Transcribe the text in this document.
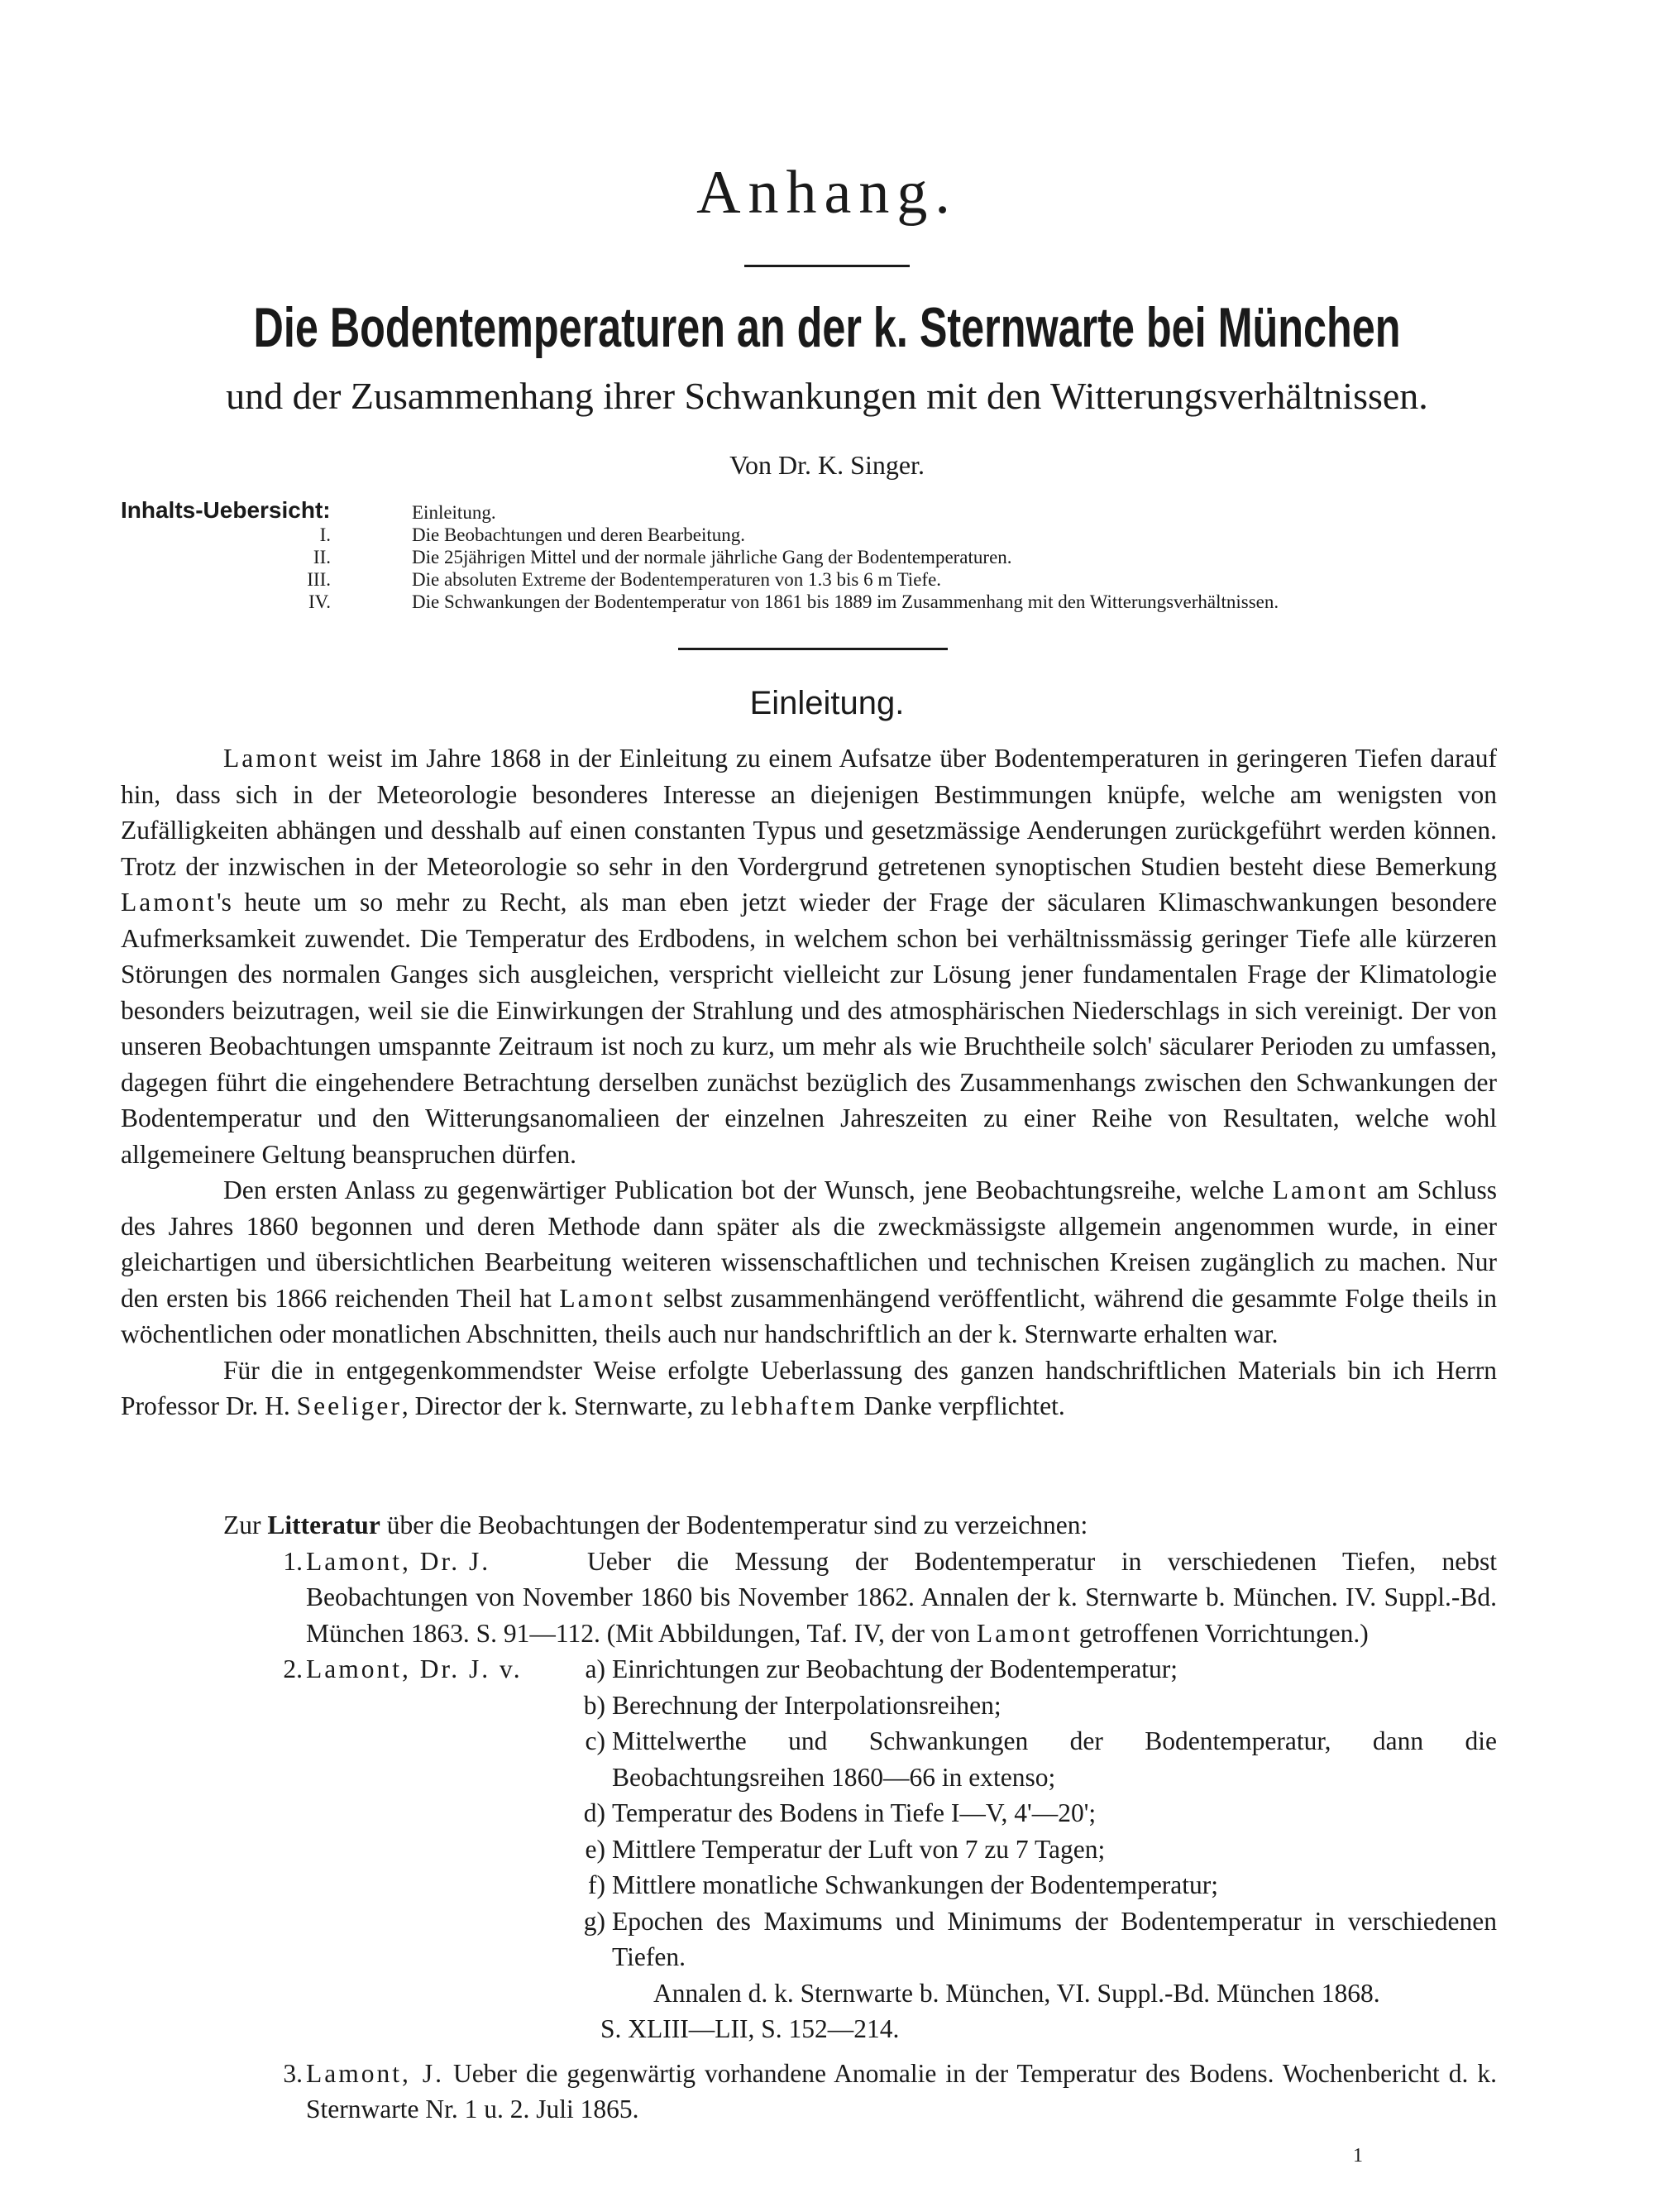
Anhang.
Die Bodentemperaturen an der k. Sternwarte bei München
und der Zusammenhang ihrer Schwankungen mit den Witterungsverhältnissen.
Von Dr. K. Singer.
Inhalts-Uebersicht:	Einleitung.
I.	Die Beobachtungen und deren Bearbeitung.
II.	Die 25jährigen Mittel und der normale jährliche Gang der Bodentemperaturen.
III.	Die absoluten Extreme der Bodentemperaturen von 1.3 bis 6 m Tiefe.
IV.	Die Schwankungen der Bodentemperatur von 1861 bis 1889 im Zusammenhang mit den Witterungsverhältnissen.
Einleitung.

Lamont weist im Jahre 1868 in der Einleitung zu einem Aufsatze über Bodentemperaturen in geringeren Tiefen darauf hin, dass sich in der Meteorologie besonderes Interesse an diejenigen Bestimmungen knüpfe, welche am wenigsten von Zufälligkeiten abhängen und desshalb auf einen constanten Typus und gesetzmässige Aenderungen zurückgeführt werden können. Trotz der inzwischen in der Meteorologie so sehr in den Vordergrund getretenen synoptischen Studien besteht diese Bemerkung Lamont's heute um so mehr zu Recht, als man eben jetzt wieder der Frage der säcularen Klimaschwankungen besondere Aufmerksamkeit zuwendet. Die Temperatur des Erdbodens, in welchem schon bei verhältnissmässig geringer Tiefe alle kürzeren Störungen des normalen Ganges sich ausgleichen, verspricht vielleicht zur Lösung jener fundamentalen Frage der Klimatologie besonders beizutragen, weil sie die Einwirkungen der Strahlung und des atmosphärischen Niederschlags in sich vereinigt. Der von unseren Beobachtungen umspannte Zeitraum ist noch zu kurz, um mehr als wie Bruchtheile solch' säcularer Perioden zu umfassen, dagegen führt die eingehendere Betrachtung derselben zunächst bezüglich des Zusammenhangs zwischen den Schwankungen der Bodentemperatur und den Witterungsanomalieen der einzelnen Jahreszeiten zu einer Reihe von Resultaten, welche wohl allgemeinere Geltung beanspruchen dürfen.

Den ersten Anlass zu gegenwärtiger Publication bot der Wunsch, jene Beobachtungsreihe, welche Lamont am Schluss des Jahres 1860 begonnen und deren Methode dann später als die zweckmässigste allgemein angenommen wurde, in einer gleichartigen und übersichtlichen Bearbeitung weiteren wissenschaftlichen und technischen Kreisen zugänglich zu machen. Nur den ersten bis 1866 reichenden Theil hat Lamont selbst zusammenhängend veröffentlicht, während die gesammte Folge theils in wöchentlichen oder monatlichen Abschnitten, theils auch nur handschriftlich an der k. Sternwarte erhalten war.

Für die in entgegenkommendster Weise erfolgte Ueberlassung des ganzen handschriftlichen Materials bin ich Herrn Professor Dr. H. Seeliger, Director der k. Sternwarte, zu lebhaftem Danke verpflichtet.

Zur Litteratur über die Beobachtungen der Bodentemperatur sind zu verzeichnen:

1. Lamont, Dr. J.	Ueber die Messung der Bodentemperatur in verschiedenen Tiefen, nebst Beobachtungen von November 1860 bis November 1862. Annalen der k. Sternwarte b. München. IV. Suppl.-Bd. München 1863. S. 91—112. (Mit Abbildungen, Taf. IV, der von Lamont getroffenen Vorrichtungen.)
2. Lamont, Dr. J. v.	a) Einrichtungen zur Beobachtung der Bodentemperatur;
b) Berechnung der Interpolationsreihen;
c) Mittelwerthe und Schwankungen der Bodentemperatur, dann die Beobachtungsreihen 1860—66 in extenso;
d) Temperatur des Bodens in Tiefe I—V, 4'—20';
e) Mittlere Temperatur der Luft von 7 zu 7 Tagen;
f) Mittlere monatliche Schwankungen der Bodentemperatur;
g) Epochen des Maximums und Minimums der Bodentemperatur in verschiedenen Tiefen.
Annalen d. k. Sternwarte b. München, VI. Suppl.-Bd. München 1868.
S. XLIII—LII, S. 152—214.
3. Lamont, J. Ueber die gegenwärtig vorhandene Anomalie in der Temperatur des Bodens. Wochenbericht d. k. Sternwarte Nr. 1 u. 2. Juli 1865.
1
